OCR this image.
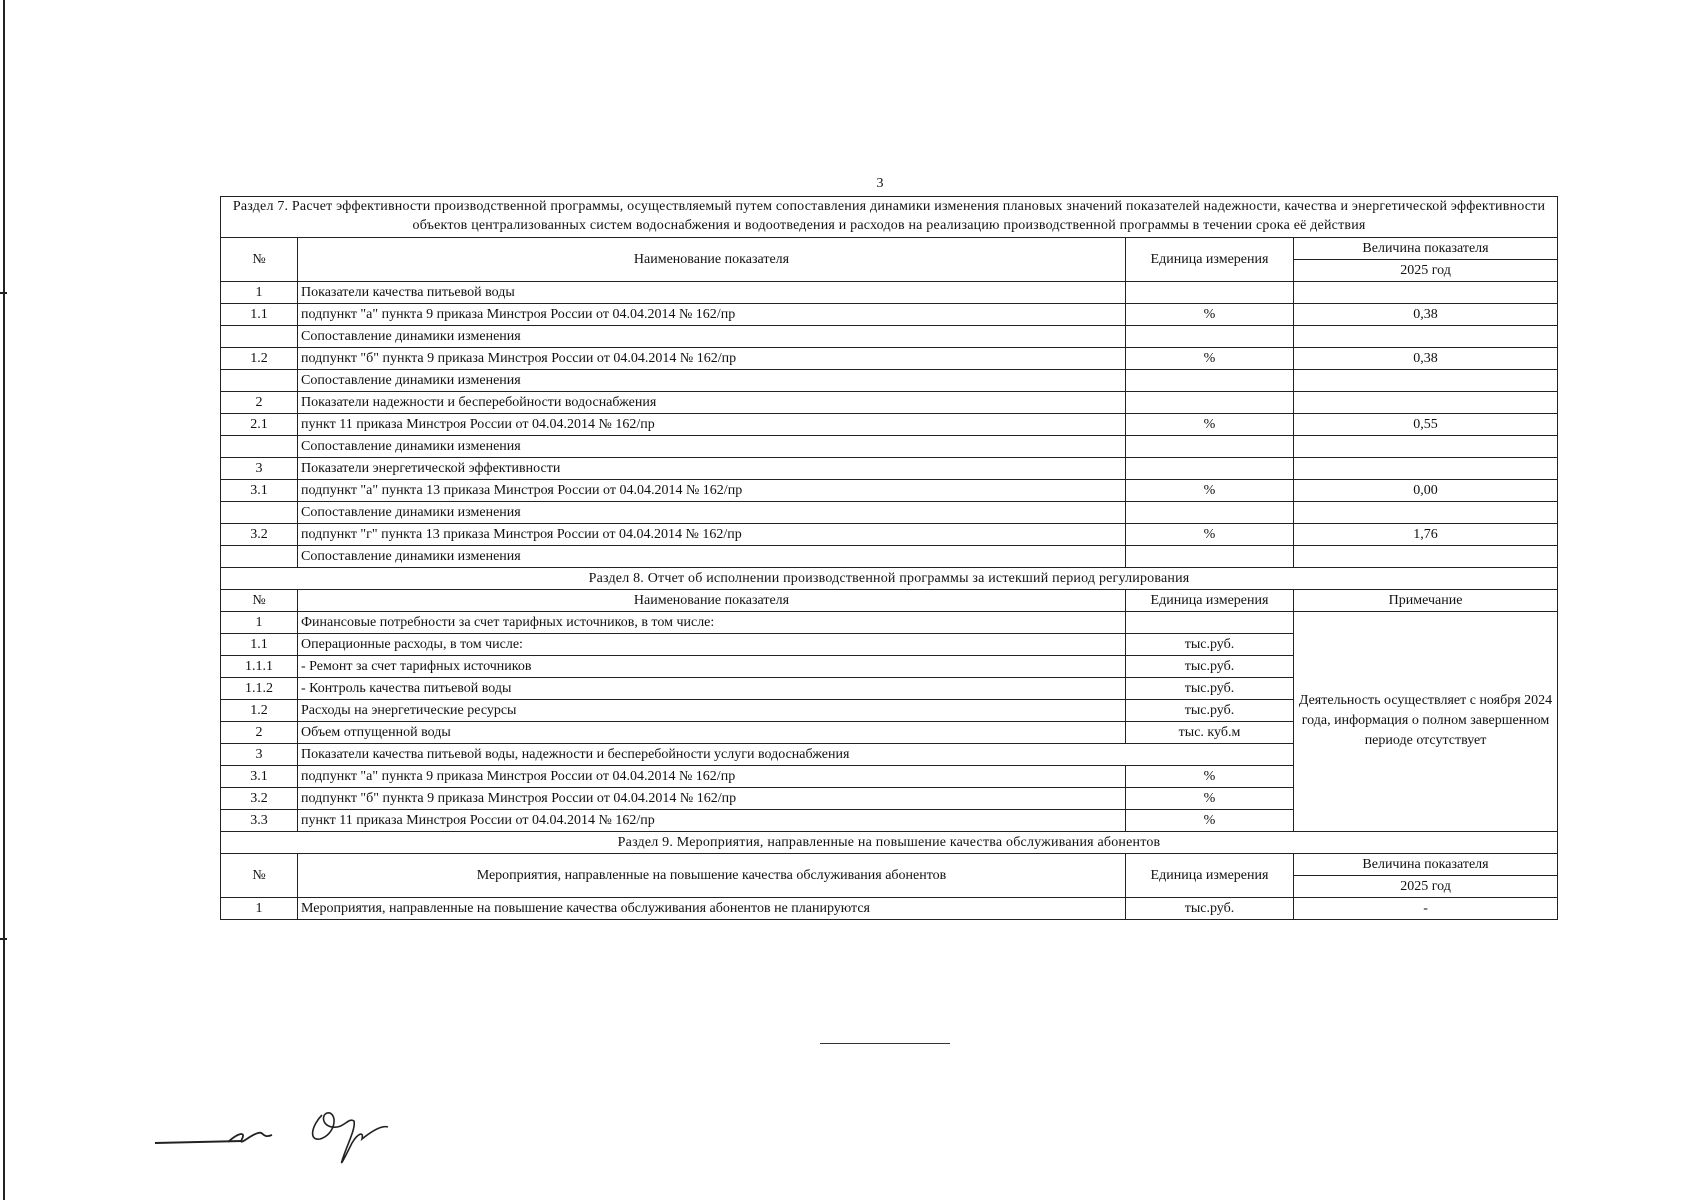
3
Раздел 7. Расчет эффективности производственной программы, осуществляемый путем сопоставления динамики изменения плановых значений показателей надежности, качества и энергетической эффективности объектов централизованных систем водоснабжения и водоотведения и расходов на реализацию производственной программы в течении срока её действия			
№	Наименование показателя	Единица измерения	Величина показателя
			2025 год
1	Показатели качества питьевой воды		
1.1	подпункт "а" пункта 9 приказа Минстроя России от 04.04.2014 № 162/пр	%	0,38
	Сопоставление динамики изменения		
1.2	подпункт "б" пункта 9 приказа Минстроя России от 04.04.2014 № 162/пр	%	0,38
	Сопоставление динамики изменения		
2	Показатели надежности и бесперебойности водоснабжения		
2.1	пункт 11 приказа Минстроя России от 04.04.2014 № 162/пр	%	0,55
	Сопоставление динамики изменения		
3	Показатели энергетической эффективности		
3.1	подпункт "а" пункта 13 приказа Минстроя России от 04.04.2014 № 162/пр	%	0,00
	Сопоставление динамики изменения		
3.2	подпункт "г" пункта 13 приказа Минстроя России от 04.04.2014 № 162/пр	%	1,76
	Сопоставление динамики изменения		
Раздел 8. Отчет об исполнении производственной программы за истекший период регулирования			
№	Наименование показателя	Единица измерения	Примечание
1	Финансовые потребности за счет тарифных источников, в том числе:		Деятельность осуществляет с ноября 2024 года, информация о полном завершенном периоде отсутствует
1.1	Операционные расходы, в том числе:	тыс.руб.	
1.1.1	- Ремонт за счет тарифных источников	тыс.руб.	
1.1.2	- Контроль качества питьевой воды	тыс.руб.	
1.2	Расходы на энергетические ресурсы	тыс.руб.	
2	Объем отпущенной воды	тыс. куб.м	
3	Показатели качества питьевой воды, надежности и бесперебойности услуги водоснабжения		
3.1	подпункт "а" пункта 9 приказа Минстроя России от 04.04.2014 № 162/пр	%	
3.2	подпункт "б" пункта 9 приказа Минстроя России от 04.04.2014 № 162/пр	%	
3.3	пункт 11 приказа Минстроя России от 04.04.2014 № 162/пр	%	
Раздел 9. Мероприятия, направленные на повышение качества обслуживания абонентов			
№	Мероприятия, направленные на повышение качества обслуживания абонентов	Единица измерения	Величина показателя
			2025 год
1	Мероприятия, направленные на повышение качества обслуживания абонентов не планируются	тыс.руб.	-
